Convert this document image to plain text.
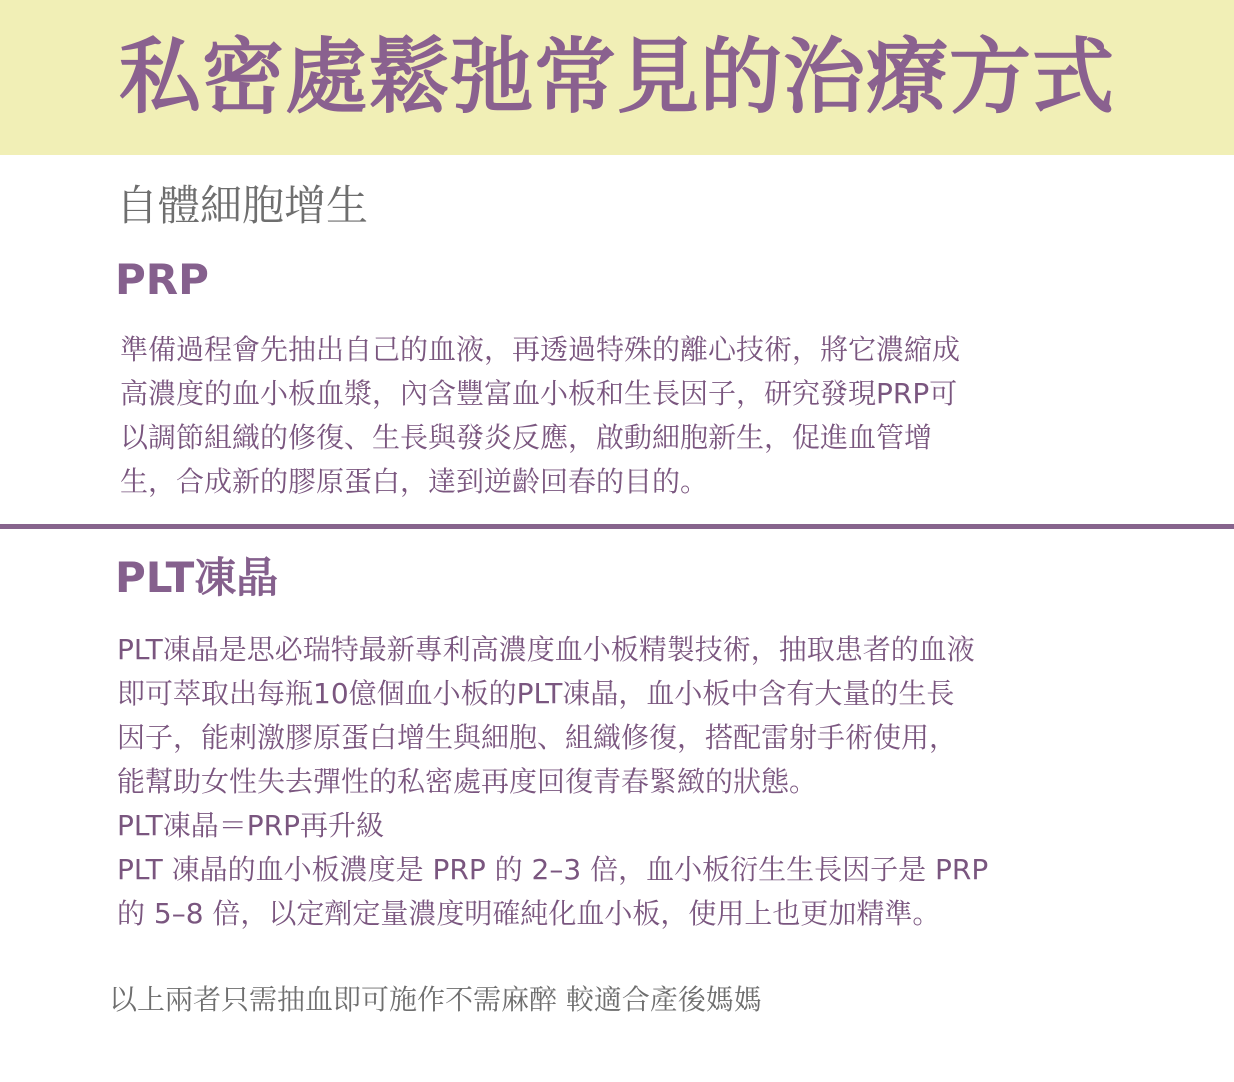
私密處鬆弛常見的治療方式
自體細胞增生
PRP

準備過程會先抽出自己的血液，再透過特殊的離心技術，將它濃縮成
高濃度的血小板血漿，內含豐富血小板和生長因子，研究發現PRP可
以調節組織的修復、生長與發炎反應，啟動細胞新生，促進血管增
生，合成新的膠原蛋白，達到逆齡回春的目的。

PLT凍晶

PLT凍晶是思必瑞特最新專利高濃度血小板精製技術，抽取患者的血液
即可萃取出每瓶10億個血小板的PLT凍晶，血小板中含有大量的生長
因子，能刺激膠原蛋白增生與細胞、組織修復，搭配雷射手術使用，
能幫助女性失去彈性的私密處再度回復青春緊緻的狀態。
PLT凍晶＝PRP再升級
PLT 凍晶的血小板濃度是 PRP 的 2–3 倍，血小板衍生生長因子是 PRP
的 5–8 倍，以定劑定量濃度明確純化血小板，使用上也更加精準。

以上兩者只需抽血即可施作不需麻醉 較適合產後媽媽
